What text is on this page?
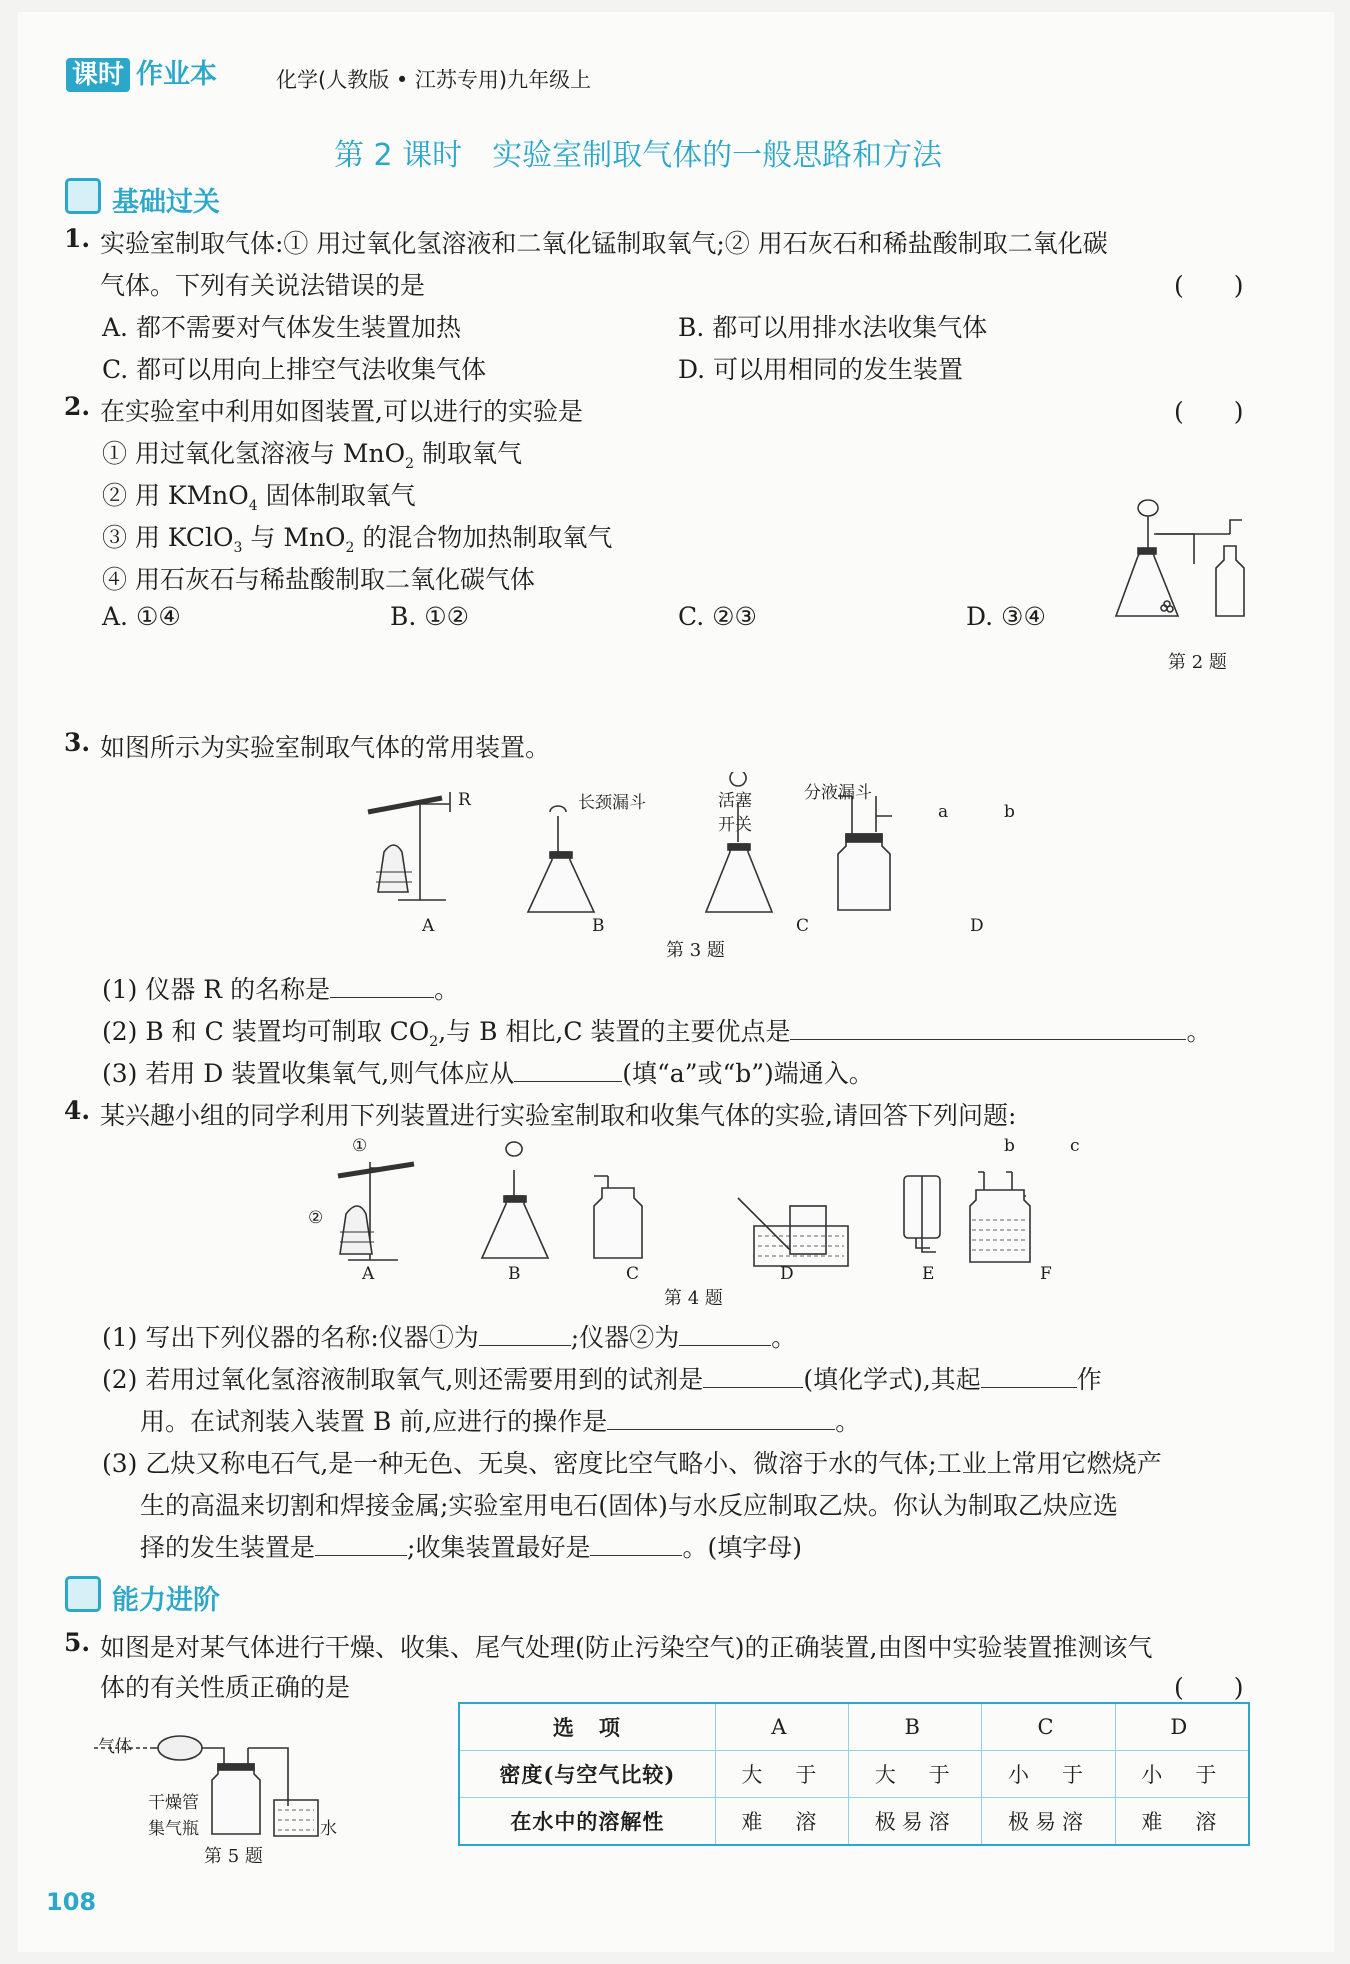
课时 作业本	化学(人教版 • 江苏专用)九年级上
第 2 课时　实验室制取气体的一般思路和方法
基础过关
1. 实验室制取气体:① 用过氧化氢溶液和二氧化锰制取氧气;② 用石灰石和稀盐酸制取二氧化碳
气体。下列有关说法错误的是	(　　)
A. 都不需要对气体发生装置加热	B. 都可以用排水法收集气体
C. 都可以用向上排空气法收集气体	D. 可以用相同的发生装置
2. 在实验室中利用如图装置,可以进行的实验是	(　　)
① 用过氧化氢溶液与 MnO$_2$ 制取氧气
② 用 KMnO$_4$ 固体制取氧气
③ 用 KClO$_3$ 与 MnO$_2$ 的混合物加热制取氧气
④ 用石灰石与稀盐酸制取二氧化碳气体
A. ①④	B. ①②	C. ②③	D. ③④
第 2 题
3. 如图所示为实验室制取气体的常用装置。
R	长颈漏斗	活塞
开关
分液漏斗
a	b
A	B	C	D
第 3 题
(1) 仪器 R 的名称是	。
(2) B 和 C 装置均可制取 $CO_2$,与 B 相比,C 装置的主要优点是	。
(3) 若用 D 装置收集氧气,则气体应从	(填“a”或“b”)端通入。
4. 某兴趣小组的同学利用下列装置进行实验室制取和收集气体的实验,请回答下列问题:
①
②
b	c
A	B	C	D	E	F
第 4 题
(1) 写出下列仪器的名称:仪器①为	;仪器②为	。
(2) 若用过氧化氢溶液制取氧气,则还需要用到的试剂是	(填化学式),其起	作
用。在试剂装入装置 B 前,应进行的操作是	。
(3) 乙炔又称电石气,是一种无色、无臭、密度比空气略小、微溶于水的气体;工业上常用它燃烧产
生的高温来切割和焊接金属;实验室用电石(固体)与水反应制取乙炔。你认为制取乙炔应选
择的发生装置是	;收集装置最好是	。(填字母)
能力进阶
5. 如图是对某气体进行干燥、收集、尾气处理(防止污染空气)的正确装置,由图中实验装置推测该气
体的有关性质正确的是	(　　)
气体
干燥管
集气瓶	水
第 5 题
选　项	A	B	C	D
密度(与空气比较)	大　于	大　于	小　于	小　于
在水中的溶解性	难　溶	极易溶	极易溶	难　溶
108
